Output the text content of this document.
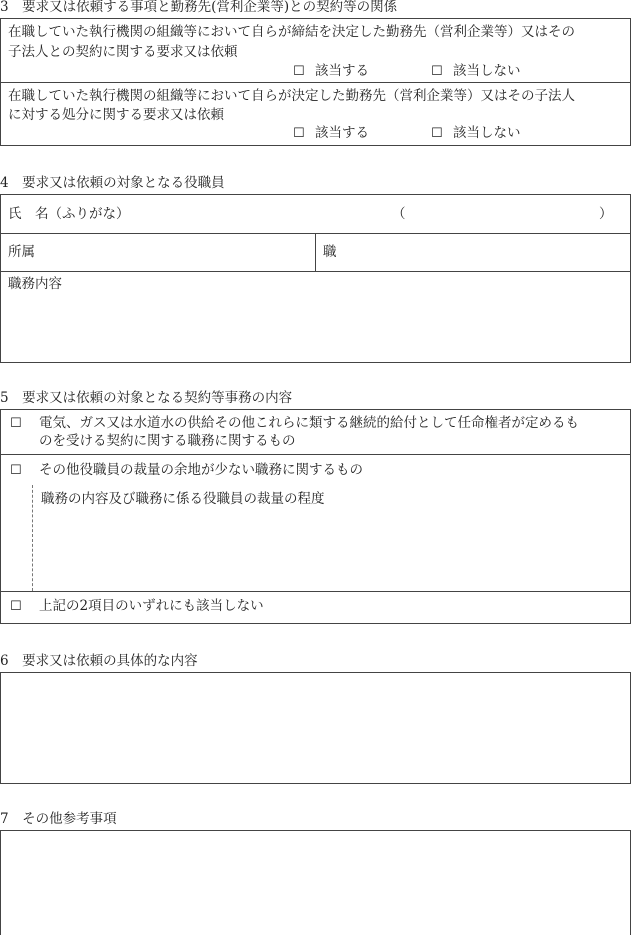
3　要求又は依頼する事項と勤務先(営利企業等)との契約等の関係
在職していた執行機関の組織等において自らが締結を決定した勤務先（営利企業等）又はその
子法人との契約に関する要求又は依頼
☐ 該当する	☐ 該当しない
在職していた執行機関の組織等において自らが決定した勤務先（営利企業等）又はその子法人
に対する処分に関する要求又は依頼
☐ 該当する	☐ 該当しない
4　要求又は依頼の対象となる役職員
氏　名（ふりがな）	（	）
所属	職
職務内容
5　要求又は依頼の対象となる契約等事務の内容
☐ 電気、ガス又は水道水の供給その他これらに類する継続的給付として任命権者が定めるも
のを受ける契約に関する職務に関するもの
☐ その他役職員の裁量の余地が少ない職務に関するもの
職務の内容及び職務に係る役職員の裁量の程度
☐ 上記の2項目のいずれにも該当しない
6　要求又は依頼の具体的な内容
7　その他参考事項
